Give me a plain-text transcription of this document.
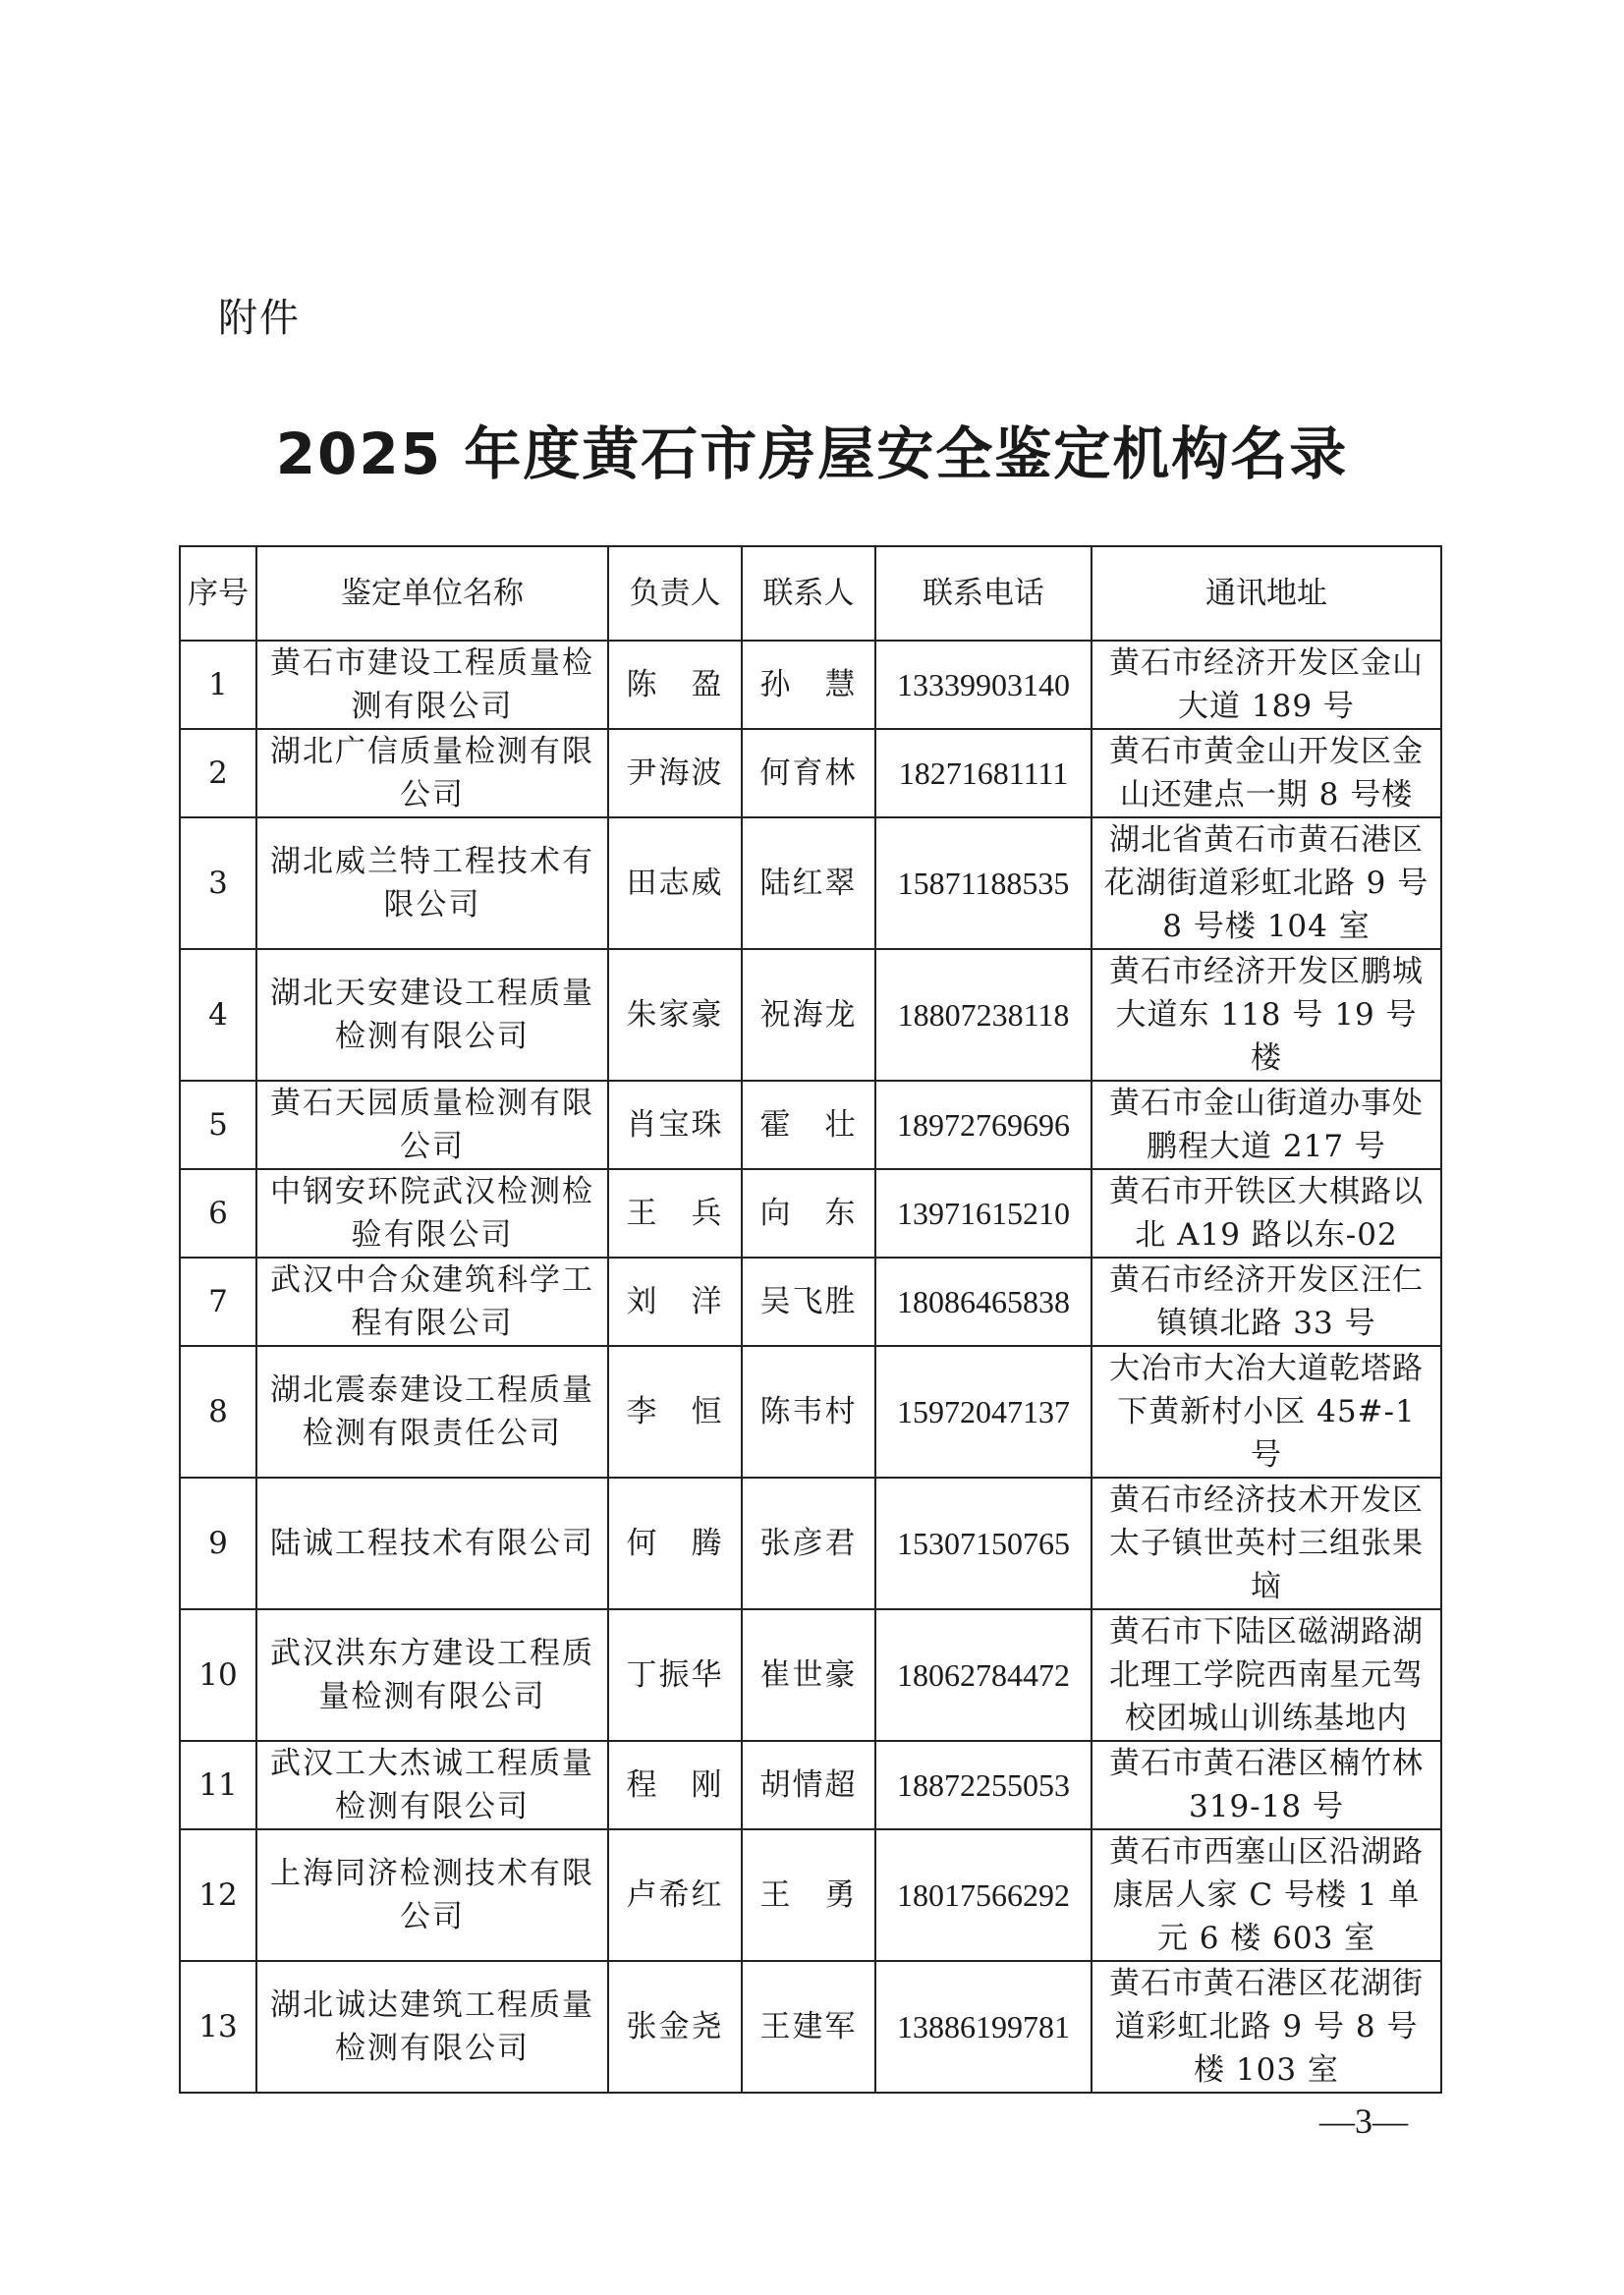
附件
2025 年度黄石市房屋安全鉴定机构名录
序号	鉴定单位名称	负责人	联系人	联系电话	通讯地址
1	黄石市建设工程质量检测有限公司	陈　盈	孙　慧	13339903140	黄石市经济开发区金山大道 189 号
2	湖北广信质量检测有限公司	尹海波	何育林	18271681111	黄石市黄金山开发区金山还建点一期 8 号楼
3	湖北威兰特工程技术有限公司	田志威	陆红翠	15871188535	湖北省黄石市黄石港区花湖街道彩虹北路 9 号 8 号楼 104 室
4	湖北天安建设工程质量检测有限公司	朱家豪	祝海龙	18807238118	黄石市经济开发区鹏城大道东 118 号 19 号楼
5	黄石天园质量检测有限公司	肖宝珠	霍　壮	18972769696	黄石市金山街道办事处鹏程大道 217 号
6	中钢安环院武汉检测检验有限公司	王　兵	向　东	13971615210	黄石市开铁区大棋路以北 A19 路以东-02
7	武汉中合众建筑科学工程有限公司	刘　洋	吴飞胜	18086465838	黄石市经济开发区汪仁镇镇北路 33 号
8	湖北震泰建设工程质量检测有限责任公司	李　恒	陈韦村	15972047137	大冶市大冶大道乾塔路下黄新村小区 45#-1 号
9	陆诚工程技术有限公司	何　腾	张彦君	15307150765	黄石市经济技术开发区太子镇世英村三组张果垴
10	武汉洪东方建设工程质量检测有限公司	丁振华	崔世豪	18062784472	黄石市下陆区磁湖路湖北理工学院西南星元驾校团城山训练基地内
11	武汉工大杰诚工程质量检测有限公司	程　刚	胡情超	18872255053	黄石市黄石港区楠竹林 319-18 号
12	上海同济检测技术有限公司	卢希红	王　勇	18017566292	黄石市西塞山区沿湖路康居人家 C 号楼 1 单元 6 楼 603 室
13	湖北诚达建筑工程质量检测有限公司	张金尧	王建军	13886199781	黄石市黄石港区花湖街道彩虹北路 9 号 8 号楼 103 室
—3—
